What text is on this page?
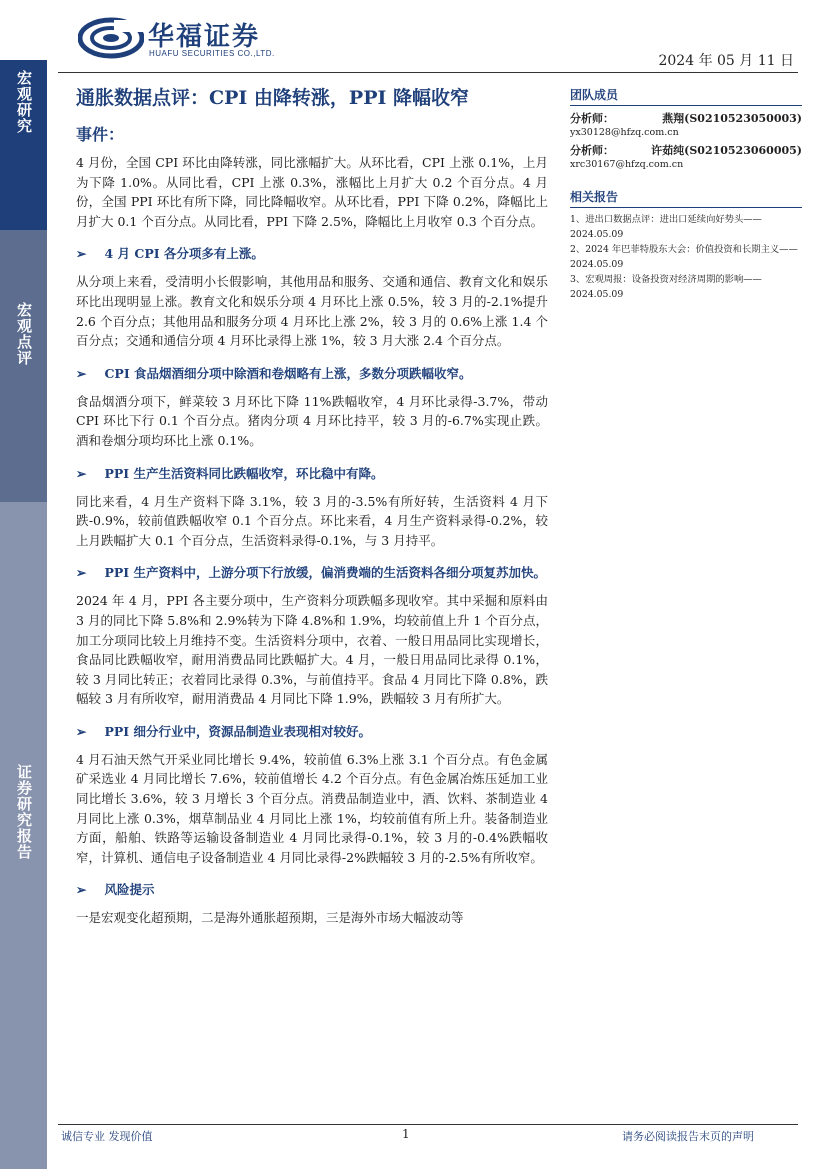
宏观研究
宏观点评
证券研究报告
华福证券
HUAFU SECURITIES CO.,LTD.	2024 年 05 月 11 日
通胀数据点评：CPI 由降转涨，PPI 降幅收窄
事件：
4 月份，全国 CPI 环比由降转涨，同比涨幅扩大。从环比看，CPI 上涨 0.1%，上月为下降 1.0%。从同比看，CPI 上涨 0.3%，涨幅比上月扩大 0.2 个百分点。4 月份，全国 PPI 环比有所下降，同比降幅收窄。从环比看，PPI 下降 0.2%，降幅比上月扩大 0.1 个百分点。从同比看，PPI 下降 2.5%，降幅比上月收窄 0.3 个百分点。
➢ 4 月 CPI 各分项多有上涨。
从分项上来看，受清明小长假影响，其他用品和服务、交通和通信、教育文化和娱乐环比出现明显上涨。教育文化和娱乐分项 4 月环比上涨 0.5%，较 3 月的-2.1%提升 2.6 个百分点；其他用品和服务分项 4 月环比上涨 2%，较 3 月的 0.6%上涨 1.4 个百分点；交通和通信分项 4 月环比录得上涨 1%，较 3 月大涨 2.4 个百分点。
➢ CPI 食品烟酒细分项中除酒和卷烟略有上涨，多数分项跌幅收窄。
食品烟酒分项下，鲜菜较 3 月环比下降 11%跌幅收窄，4 月环比录得-3.7%，带动 CPI 环比下行 0.1 个百分点。猪肉分项 4 月环比持平，较 3 月的-6.7%实现止跌。酒和卷烟分项均环比上涨 0.1%。
➢ PPI 生产生活资料同比跌幅收窄，环比稳中有降。
同比来看，4 月生产资料下降 3.1%，较 3 月的-3.5%有所好转，生活资料 4 月下跌-0.9%，较前值跌幅收窄 0.1 个百分点。环比来看，4 月生产资料录得-0.2%，较上月跌幅扩大 0.1 个百分点，生活资料录得-0.1%，与 3 月持平。
➢ PPI 生产资料中，上游分项下行放缓，偏消费端的生活资料各细分项复苏加快。
2024 年 4 月，PPI 各主要分项中，生产资料分项跌幅多现收窄。其中采掘和原料由 3 月的同比下降 5.8%和 2.9%转为下降 4.8%和 1.9%，均较前值上升 1 个百分点，加工分项同比较上月维持不变。生活资料分项中，衣着、一般日用品同比实现增长，食品同比跌幅收窄，耐用消费品同比跌幅扩大。4 月，一般日用品同比录得 0.1%，较 3 月同比转正；衣着同比录得 0.3%，与前值持平。食品 4 月同比下降 0.8%，跌幅较 3 月有所收窄，耐用消费品 4 月同比下降 1.9%，跌幅较 3 月有所扩大。
➢ PPI 细分行业中，资源品制造业表现相对较好。
4 月石油天然气开采业同比增长 9.4%，较前值 6.3%上涨 3.1 个百分点。有色金属矿采选业 4 月同比增长 7.6%，较前值增长 4.2 个百分点。有色金属冶炼压延加工业同比增长 3.6%，较 3 月增长 3 个百分点。消费品制造业中，酒、饮料、茶制造业 4 月同比上涨 0.3%，烟草制品业 4 月同比上涨 1%，均较前值有所上升。装备制造业方面，船舶、铁路等运输设备制造业 4 月同比录得-0.1%，较 3 月的-0.4%跌幅收窄，计算机、通信电子设备制造业 4 月同比录得-2%跌幅较 3 月的-2.5%有所收窄。
➢ 风险提示
一是宏观变化超预期，二是海外通胀超预期，三是海外市场大幅波动等

团队成员

分析师：	燕翔(S0210523050003)
yx30128@hfzq.com.cn
分析师：	许茹纯(S0210523060005)
xrc30167@hfzq.com.cn

相关报告

1、进出口数据点评：进出口延续向好势头——2024.05.09

2、2024 年巴菲特股东大会：价值投资和长期主义——2024.05.09

3、宏观周报：设备投资对经济周期的影响——2024.05.09

诚信专业 发现价值	1	请务必阅读报告末页的声明
